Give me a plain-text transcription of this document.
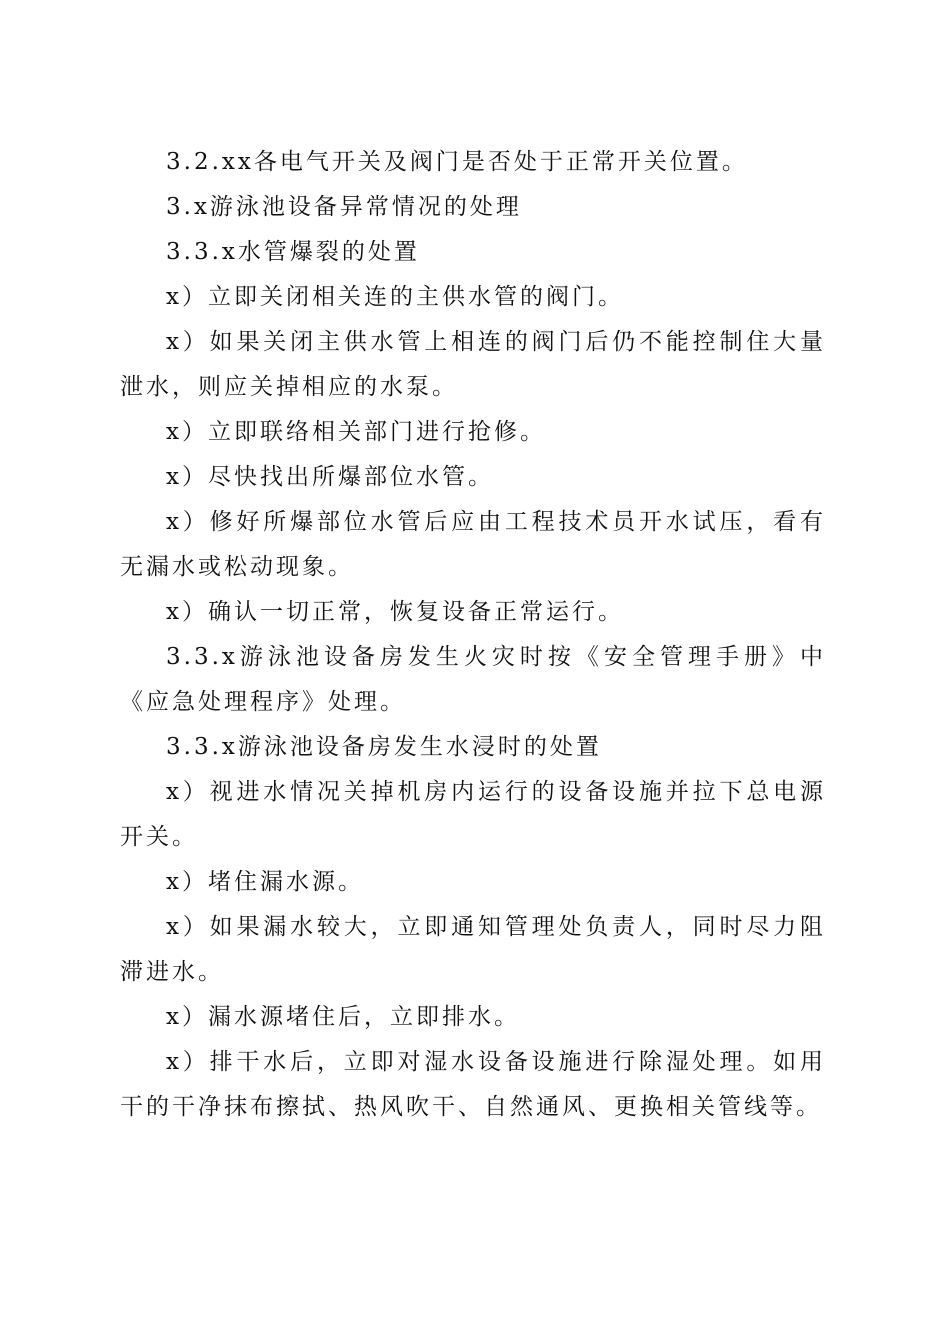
3.2.xx各电气开关及阀门是否处于正常开关位置。

3.x游泳池设备异常情况的处理

3.3.x水管爆裂的处置

x）立即关闭相关连的主供水管的阀门。

x）如果关闭主供水管上相连的阀门后仍不能控制住大量泄水，则应关掉相应的水泵。

x）立即联络相关部门进行抢修。

x）尽快找出所爆部位水管。

x）修好所爆部位水管后应由工程技术员开水试压，看有无漏水或松动现象。

x）确认一切正常，恢复设备正常运行。

3.3.x游泳池设备房发生火灾时按《安全管理手册》中《应急处理程序》处理。

3.3.x游泳池设备房发生水浸时的处置

x）视进水情况关掉机房内运行的设备设施并拉下总电源开关。

x）堵住漏水源。

x）如果漏水较大，立即通知管理处负责人，同时尽力阻滞进水。

x）漏水源堵住后，立即排水。

x）排干水后，立即对湿水设备设施进行除湿处理。如用干的干净抹布擦拭、热风吹干、自然通风、更换相关管线等。
